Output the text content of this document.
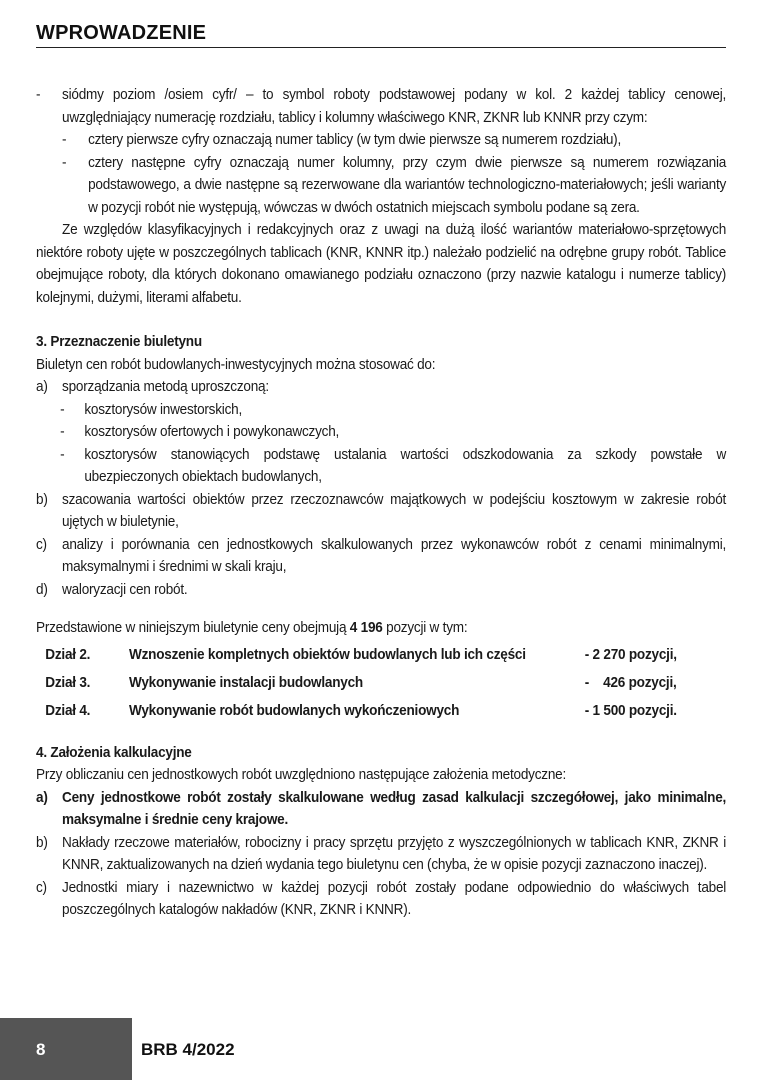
WPROWADZENIE
- siódmy poziom /osiem cyfr/ – to symbol roboty podstawowej podany w kol. 2 każdej tablicy cenowej, uwzględniający numerację rozdziału, tablicy i kolumny właściwego KNR, ZKNR lub KNNR przy czym:
- cztery pierwsze cyfry oznaczają numer tablicy (w tym dwie pierwsze są numerem rozdziału),
- cztery następne cyfry oznaczają numer kolumny, przy czym dwie pierwsze są numerem rozwiązania podstawowego, a dwie następne są rezerwowane dla wariantów technologiczno-materiałowych; jeśli warianty w pozycji robót nie występują, wówczas w dwóch ostatnich miejscach symbolu podane są zera.
Ze względów klasyfikacyjnych i redakcyjnych oraz z uwagi na dużą ilość wariantów materiałowo-sprzętowych niektóre roboty ujęte w poszczególnych tablicach (KNR, KNNR itp.) należało podzielić na odrębne grupy robót. Tablice obejmujące roboty, dla których dokonano omawianego podziału oznaczono (przy nazwie katalogu i numerze tablicy) kolejnymi, dużymi, literami alfabetu.
3. Przeznaczenie biuletynu
Biuletyn cen robót budowlanych-inwestycyjnych można stosować do:
a) sporządzania metodą uproszczoną:
- kosztorysów inwestorskich,
- kosztorysów ofertowych i powykonawczych,
- kosztorysów stanowiących podstawę ustalania wartości odszkodowania za szkody powstałe w ubezpieczonych obiektach budowlanych,
b) szacowania wartości obiektów przez rzeczoznawców majątkowych w podejściu kosztowym w zakresie robót ujętych w biuletynie,
c) analizy i porównania cen jednostkowych skalkulowanych przez wykonawców robót z cenami minimalnymi, maksymalnymi i średnimi w skali kraju,
d) waloryzacji cen robót.
Przedstawione w niniejszym biuletynie ceny obejmują 4 196 pozycji w tym:
Dział 2.	Wznoszenie kompletnych obiektów budowlanych lub ich części	- 2 270 pozycji,
Dział 3.	Wykonywanie instalacji budowlanych	-    426 pozycji,
Dział 4.	Wykonywanie robót budowlanych wykończeniowych	- 1 500 pozycji.
4. Założenia kalkulacyjne
Przy obliczaniu cen jednostkowych robót uwzględniono następujące założenia metodyczne:
a) Ceny jednostkowe robót zostały skalkulowane według zasad kalkulacji szczegółowej, jako minimalne, maksymalne i średnie ceny krajowe.
b) Nakłady rzeczowe materiałów, robocizny i pracy sprzętu przyjęto z wyszczególnionych w tablicach KNR, ZKNR i KNNR, zaktualizowanych na dzień wydania tego biuletynu cen (chyba, że w opisie pozycji zaznaczono inaczej).
c) Jednostki miary i nazewnictwo w każdej pozycji robót zostały podane odpowiednio do właściwych tabel poszczególnych katalogów nakładów (KNR, ZKNR i KNNR).
8	BRB 4/2022
